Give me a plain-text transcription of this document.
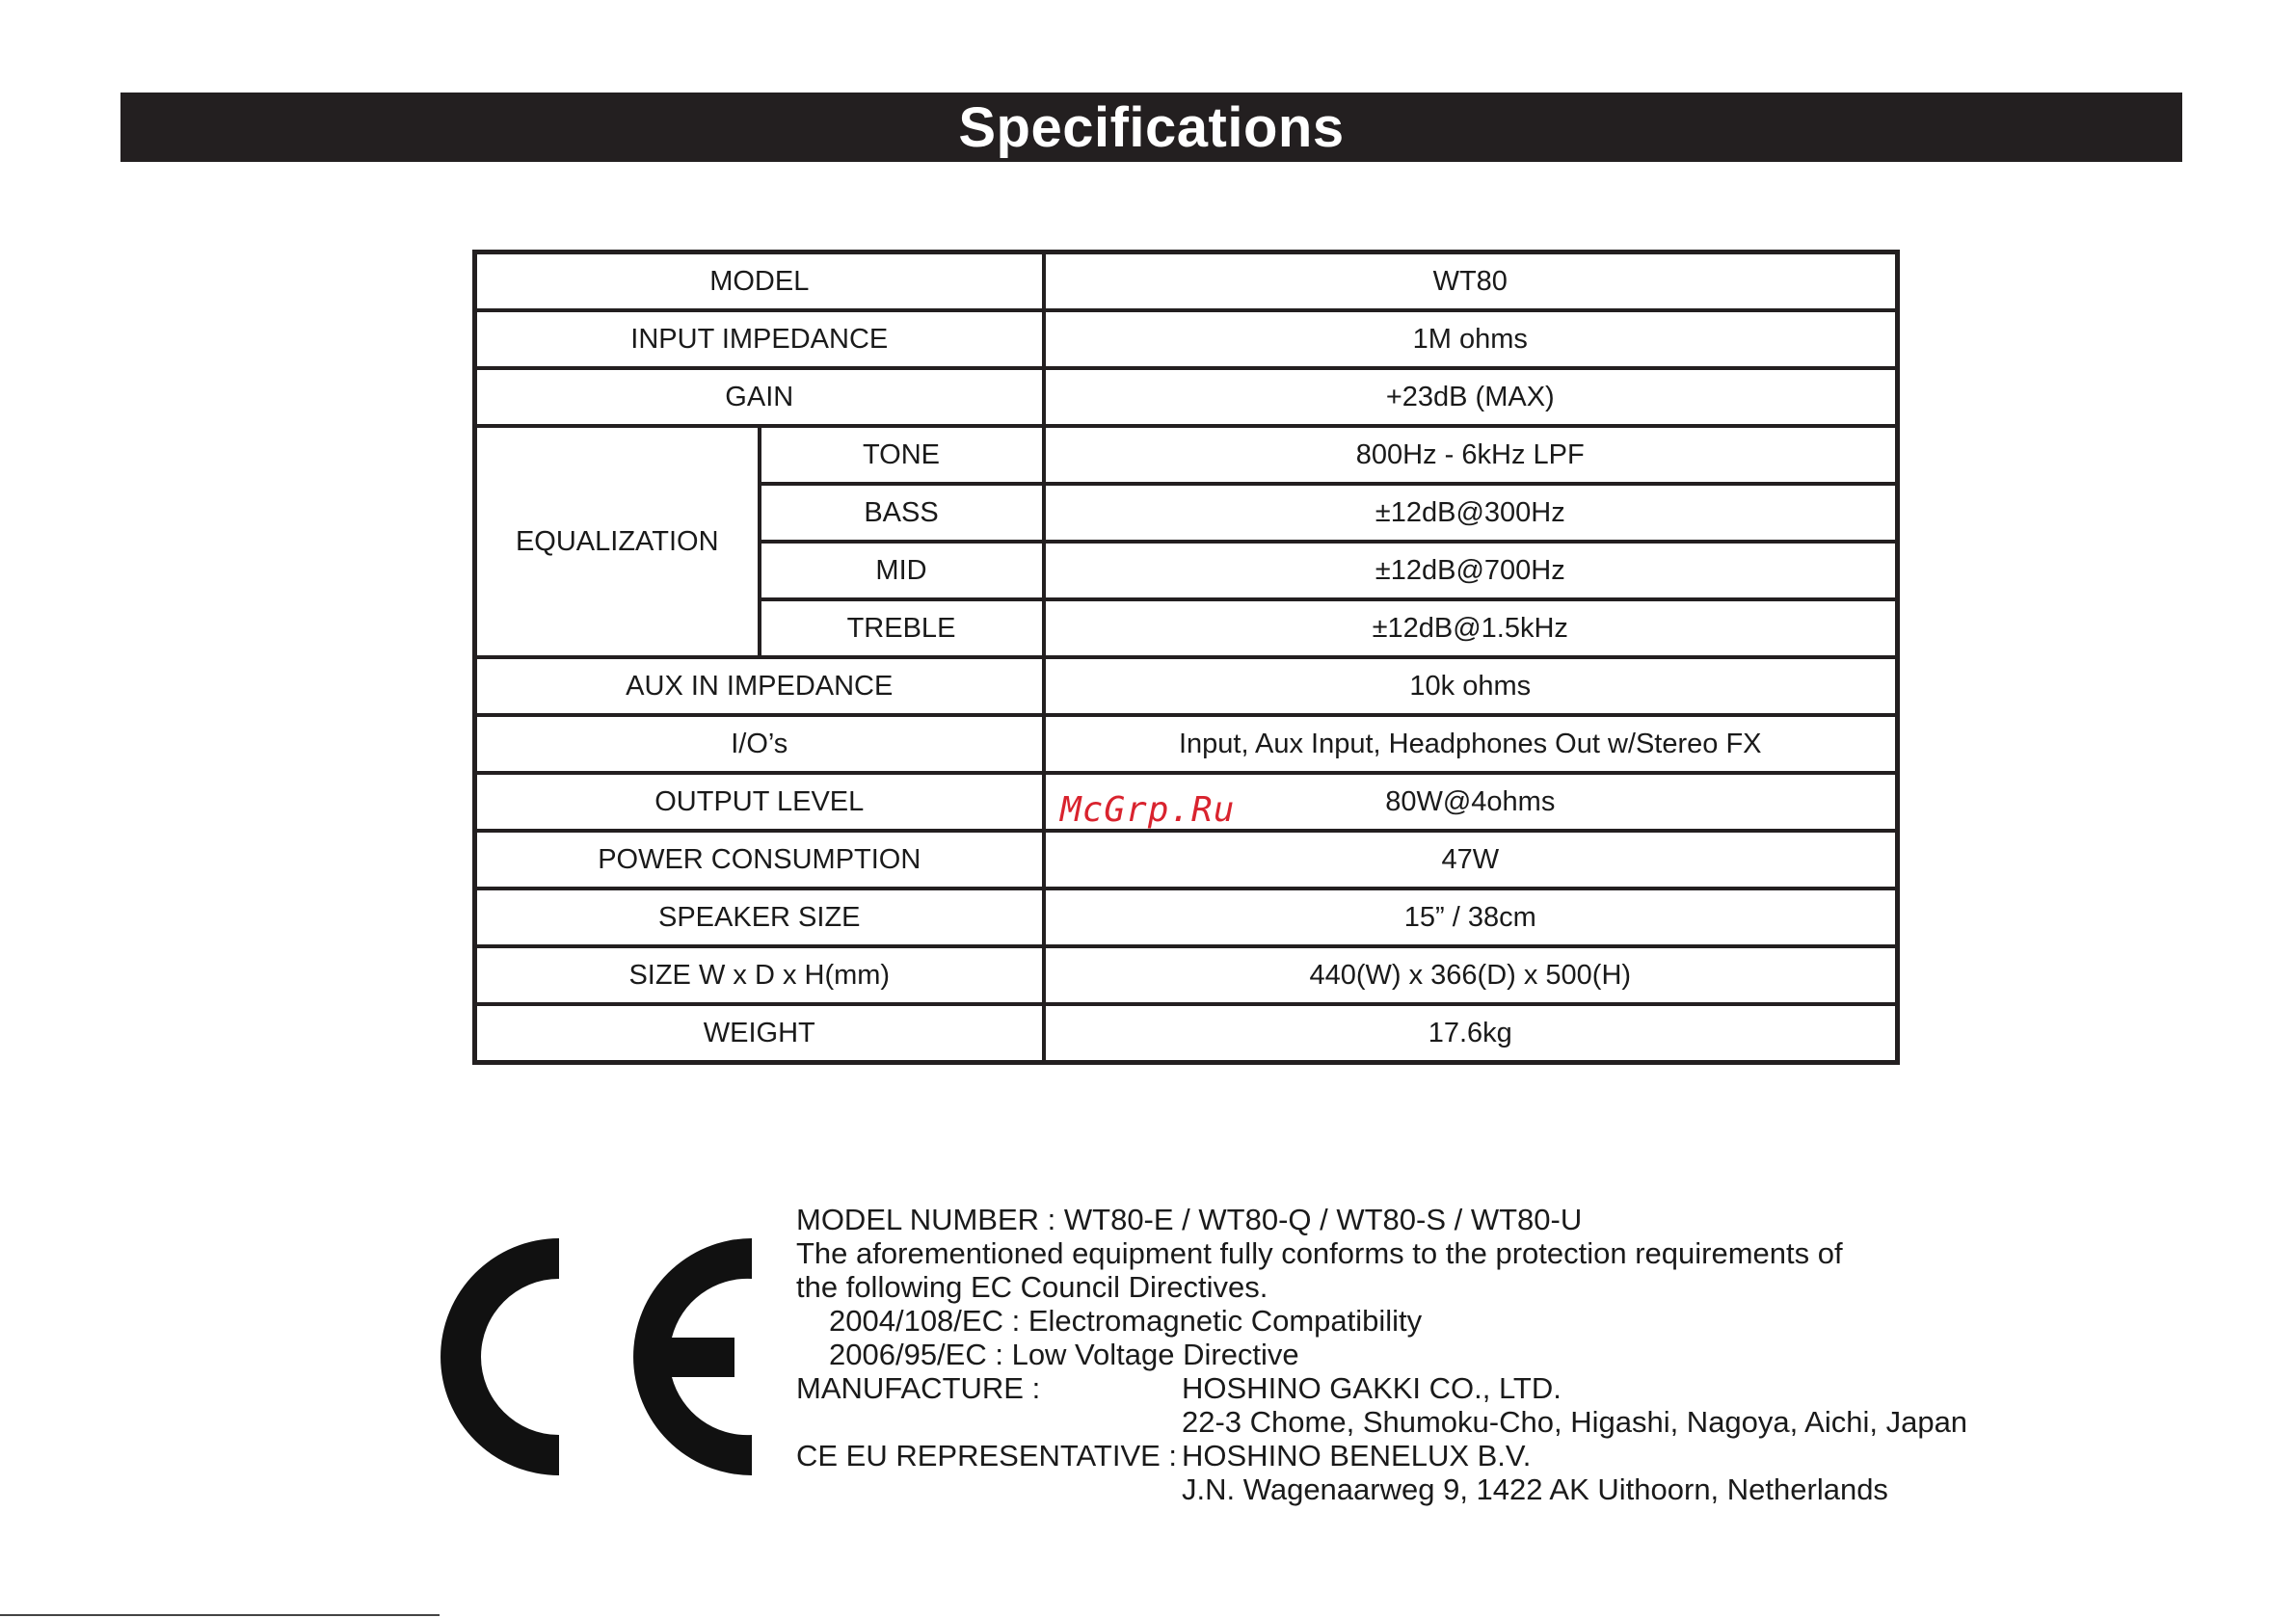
Specifications
MODEL		WT80
INPUT IMPEDANCE		1M ohms
GAIN		+23dB (MAX)
EQUALIZATION	TONE	800Hz - 6kHz LPF
	BASS	±12dB@300Hz
	MID	±12dB@700Hz
	TREBLE	±12dB@1.5kHz
AUX IN IMPEDANCE		10k ohms
I/O’s		Input, Aux Input, Headphones Out w/Stereo FX
OUTPUT LEVEL		80W@4ohms
POWER CONSUMPTION		47W
SPEAKER SIZE		15” / 38cm
SIZE W x D x H(mm)		440(W) x 366(D) x 500(H)
WEIGHT		17.6kg
McGrp.Ru
MODEL NUMBER : WT80-E / WT80-Q / WT80-S / WT80-U
The aforementioned equipment fully conforms to the protection requirements of
the following EC Council Directives.
2004/108/EC : Electromagnetic Compatibility
2006/95/EC : Low Voltage Directive
MANUFACTURE :	HOSHINO GAKKI CO., LTD.
22-3 Chome, Shumoku-Cho, Higashi, Nagoya, Aichi, Japan
CE EU REPRESENTATIVE : HOSHINO BENELUX B.V.
J.N. Wagenaarweg 9, 1422 AK Uithoorn, Netherlands
